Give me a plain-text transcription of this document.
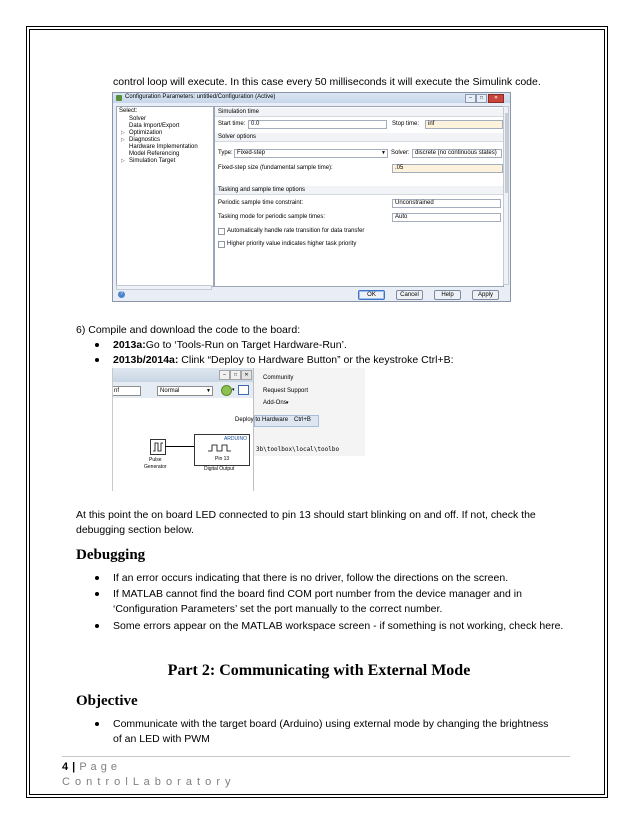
control loop will execute. In this case every 50 milliseconds it will execute the Simulink code.
Configuration Parameters: untitled/Configuration (Active)	–	□	✕
Select:
Solver
Data Import/Export
▷ Optimization
▷ Diagnostics
Hardware Implementation
Model Referencing
▷ Simulation Target
Simulation time
Start time: 0.0	Stop time:	inf
Solver options
Type: Fixed-step	▼ Solver: discrete (no continuous states)
Fixed-step size (fundamental sample time):	.05
Tasking and sample time options
Periodic sample time constraint:	Unconstrained
Tasking mode for periodic sample times:	Auto
Automatically handle rate transition for data transfer
Higher priority value indicates higher task priority
?	OK	Cancel	Help	Apply
6) Compile and download the code to the board:
2013a:Go to ‘Tools-Run on Target Hardware-Run’.
2013b/2014a: Clink “Deploy to Hardware Button” or the keystroke Ctrl+B:
–	□	✕
nf	Normal	▼	▾
Pulse
Generator
ARDUINO
Pin 13
Digital Output
Community
Request Support
Add-Ons ▾
Deploy to Hardware Ctrl+B
3b\toolbox\local\toolbo
At this point the on board LED connected to pin 13 should start blinking on and off. If not, check the
debugging section below.
Debugging
If an error occurs indicating that there is no driver, follow the directions on the screen.
If MATLAB cannot find the board find COM port number from the device manager and in
‘Configuration Parameters’ set the port manually to the correct number.
Some errors appear on the MATLAB workspace screen - if something is not working, check here.
Part 2: Communicating with External Mode
Objective
Communicate with the target board (Arduino) using external mode by changing the brightness
of an LED with PWM
4 | P a g e
C o n t r o l L a b o r a t o r y
